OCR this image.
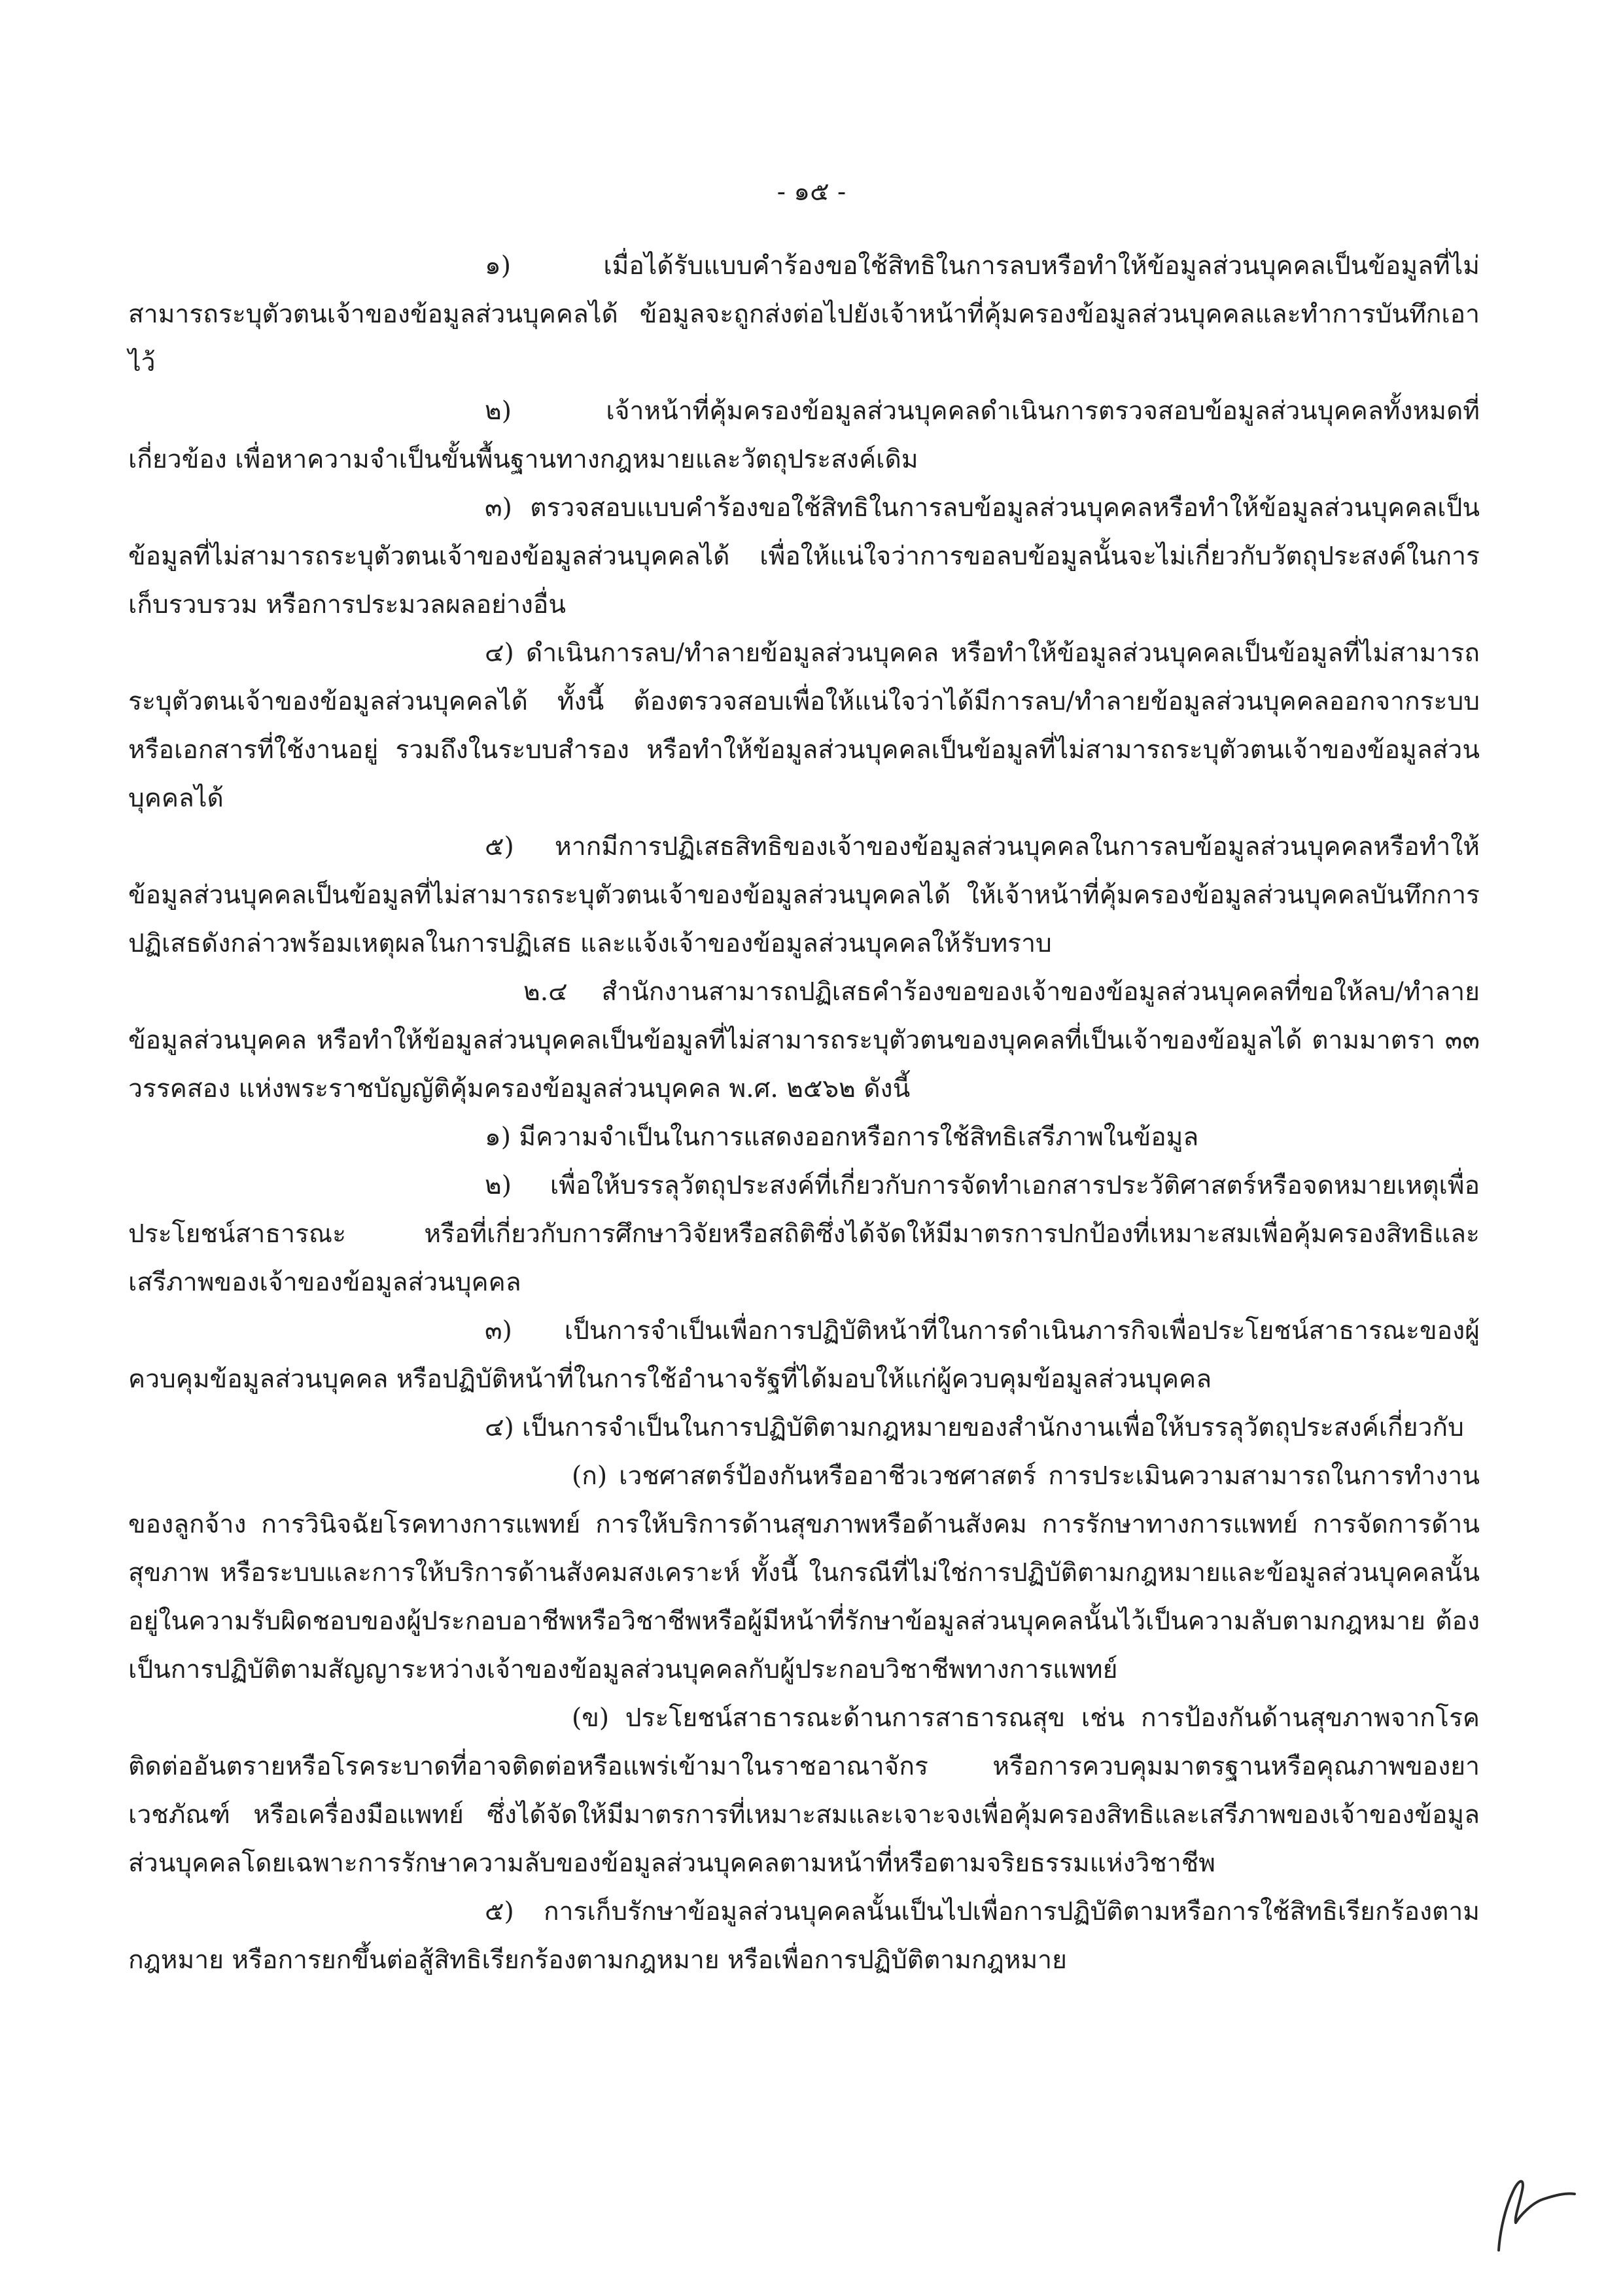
- ๑๕ -

๑) เมื่อได้รับแบบคำร้องขอใช้สิทธิในการลบหรือทำให้ข้อมูลส่วนบุคคลเป็นข้อมูลที่ไม่สามารถระบุตัวตนเจ้าของข้อมูลส่วนบุคคลได้ ข้อมูลจะถูกส่งต่อไปยังเจ้าหน้าที่คุ้มครองข้อมูลส่วนบุคคลและทำการบันทึกเอาไว้

๒) เจ้าหน้าที่คุ้มครองข้อมูลส่วนบุคคลดำเนินการตรวจสอบข้อมูลส่วนบุคคลทั้งหมดที่เกี่ยวข้อง เพื่อหาความจำเป็นขั้นพื้นฐานทางกฎหมายและวัตถุประสงค์เดิม

๓) ตรวจสอบแบบคำร้องขอใช้สิทธิในการลบข้อมูลส่วนบุคคลหรือทำให้ข้อมูลส่วนบุคคลเป็นข้อมูลที่ไม่สามารถระบุตัวตนเจ้าของข้อมูลส่วนบุคคลได้ เพื่อให้แน่ใจว่าการขอลบข้อมูลนั้นจะไม่เกี่ยวกับวัตถุประสงค์ในการเก็บรวบรวม หรือการประมวลผลอย่างอื่น

๔) ดำเนินการลบ/ทำลายข้อมูลส่วนบุคคล หรือทำให้ข้อมูลส่วนบุคคลเป็นข้อมูลที่ไม่สามารถระบุตัวตนเจ้าของข้อมูลส่วนบุคคลได้ ทั้งนี้ ต้องตรวจสอบเพื่อให้แน่ใจว่าได้มีการลบ/ทำลายข้อมูลส่วนบุคคลออกจากระบบหรือเอกสารที่ใช้งานอยู่ รวมถึงในระบบสำรอง หรือทำให้ข้อมูลส่วนบุคคลเป็นข้อมูลที่ไม่สามารถระบุตัวตนเจ้าของข้อมูลส่วนบุคคลได้

๕) หากมีการปฏิเสธสิทธิของเจ้าของข้อมูลส่วนบุคคลในการลบข้อมูลส่วนบุคคลหรือทำให้ข้อมูลส่วนบุคคลเป็นข้อมูลที่ไม่สามารถระบุตัวตนเจ้าของข้อมูลส่วนบุคคลได้ ให้เจ้าหน้าที่คุ้มครองข้อมูลส่วนบุคคลบันทึกการปฏิเสธดังกล่าวพร้อมเหตุผลในการปฏิเสธ และแจ้งเจ้าของข้อมูลส่วนบุคคลให้รับทราบ

๒.๔ สำนักงานสามารถปฏิเสธคำร้องขอของเจ้าของข้อมูลส่วนบุคคลที่ขอให้ลบ/ทำลายข้อมูลส่วนบุคคล หรือทำให้ข้อมูลส่วนบุคคลเป็นข้อมูลที่ไม่สามารถระบุตัวตนของบุคคลที่เป็นเจ้าของข้อมูลได้ ตามมาตรา ๓๓ วรรคสอง แห่งพระราชบัญญัติคุ้มครองข้อมูลส่วนบุคคล พ.ศ. ๒๕๖๒ ดังนี้

๑) มีความจำเป็นในการแสดงออกหรือการใช้สิทธิเสรีภาพในข้อมูล

๒) เพื่อให้บรรลุวัตถุประสงค์ที่เกี่ยวกับการจัดทำเอกสารประวัติศาสตร์หรือจดหมายเหตุเพื่อประโยชน์สาธารณะ หรือที่เกี่ยวกับการศึกษาวิจัยหรือสถิติซึ่งได้จัดให้มีมาตรการปกป้องที่เหมาะสมเพื่อคุ้มครองสิทธิและเสรีภาพของเจ้าของข้อมูลส่วนบุคคล

๓) เป็นการจำเป็นเพื่อการปฏิบัติหน้าที่ในการดำเนินภารกิจเพื่อประโยชน์สาธารณะของผู้ควบคุมข้อมูลส่วนบุคคล หรือปฏิบัติหน้าที่ในการใช้อำนาจรัฐที่ได้มอบให้แก่ผู้ควบคุมข้อมูลส่วนบุคคล

๔) เป็นการจำเป็นในการปฏิบัติตามกฎหมายของสำนักงานเพื่อให้บรรลุวัตถุประสงค์เกี่ยวกับ

(ก) เวชศาสตร์ป้องกันหรืออาชีวเวชศาสตร์ การประเมินความสามารถในการทำงานของลูกจ้าง การวินิจฉัยโรคทางการแพทย์ การให้บริการด้านสุขภาพหรือด้านสังคม การรักษาทางการแพทย์ การจัดการด้านสุขภาพ หรือระบบและการให้บริการด้านสังคมสงเคราะห์ ทั้งนี้ ในกรณีที่ไม่ใช่การปฏิบัติตามกฎหมายและข้อมูลส่วนบุคคลนั้นอยู่ในความรับผิดชอบของผู้ประกอบอาชีพหรือวิชาชีพหรือผู้มีหน้าที่รักษาข้อมูลส่วนบุคคลนั้นไว้เป็นความลับตามกฎหมาย ต้องเป็นการปฏิบัติตามสัญญาระหว่างเจ้าของข้อมูลส่วนบุคคลกับผู้ประกอบวิชาชีพทางการแพทย์

(ข) ประโยชน์สาธารณะด้านการสาธารณสุข เช่น การป้องกันด้านสุขภาพจากโรคติดต่ออันตรายหรือโรคระบาดที่อาจติดต่อหรือแพร่เข้ามาในราชอาณาจักร หรือการควบคุมมาตรฐานหรือคุณภาพของยา เวชภัณฑ์ หรือเครื่องมือแพทย์ ซึ่งได้จัดให้มีมาตรการที่เหมาะสมและเจาะจงเพื่อคุ้มครองสิทธิและเสรีภาพของเจ้าของข้อมูลส่วนบุคคลโดยเฉพาะการรักษาความลับของข้อมูลส่วนบุคคลตามหน้าที่หรือตามจริยธรรมแห่งวิชาชีพ

๕) การเก็บรักษาข้อมูลส่วนบุคคลนั้นเป็นไปเพื่อการปฏิบัติตามหรือการใช้สิทธิเรียกร้องตามกฎหมาย หรือการยกขึ้นต่อสู้สิทธิเรียกร้องตามกฎหมาย หรือเพื่อการปฏิบัติตามกฎหมาย
